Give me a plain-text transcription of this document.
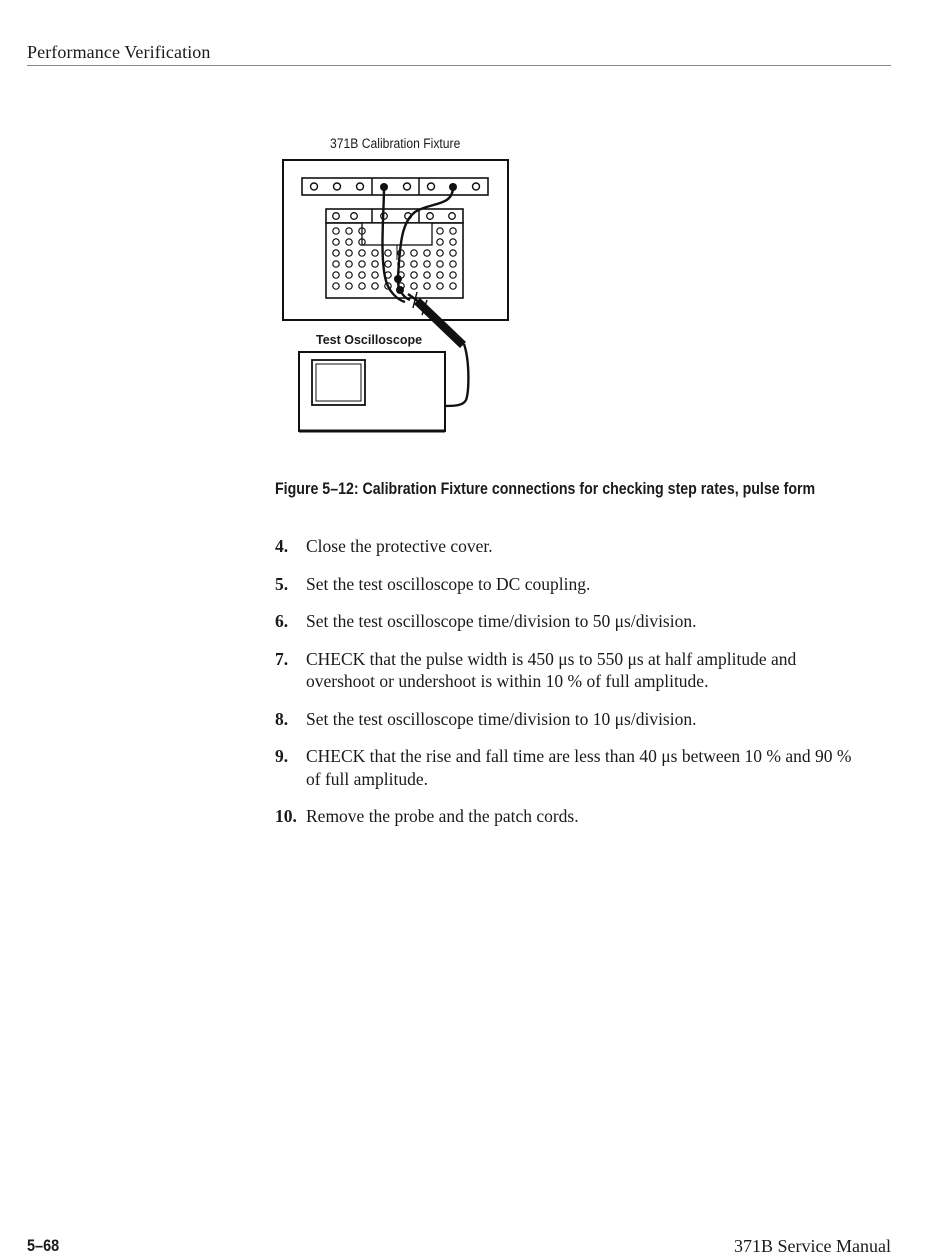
Performance Verification
371B Calibration Fixture
Test Oscilloscope
Figure 5–12: Calibration Fixture connections for checking step rates, pulse form
4.	Close the protective cover.
5.	Set the test oscilloscope to DC coupling.
6.	Set the test oscilloscope time/division to 50 μs/division.
7.	CHECK that the pulse width is 450 μs to 550 μs at half amplitude and overshoot or undershoot is within 10 % of full amplitude.
8.	Set the test oscilloscope time/division to 10 μs/division.
9.	CHECK that the rise and fall time are less than 40 μs between 10 % and 90 % of full amplitude.
10. Remove the probe and the patch cords.
5–68	371B Service Manual
